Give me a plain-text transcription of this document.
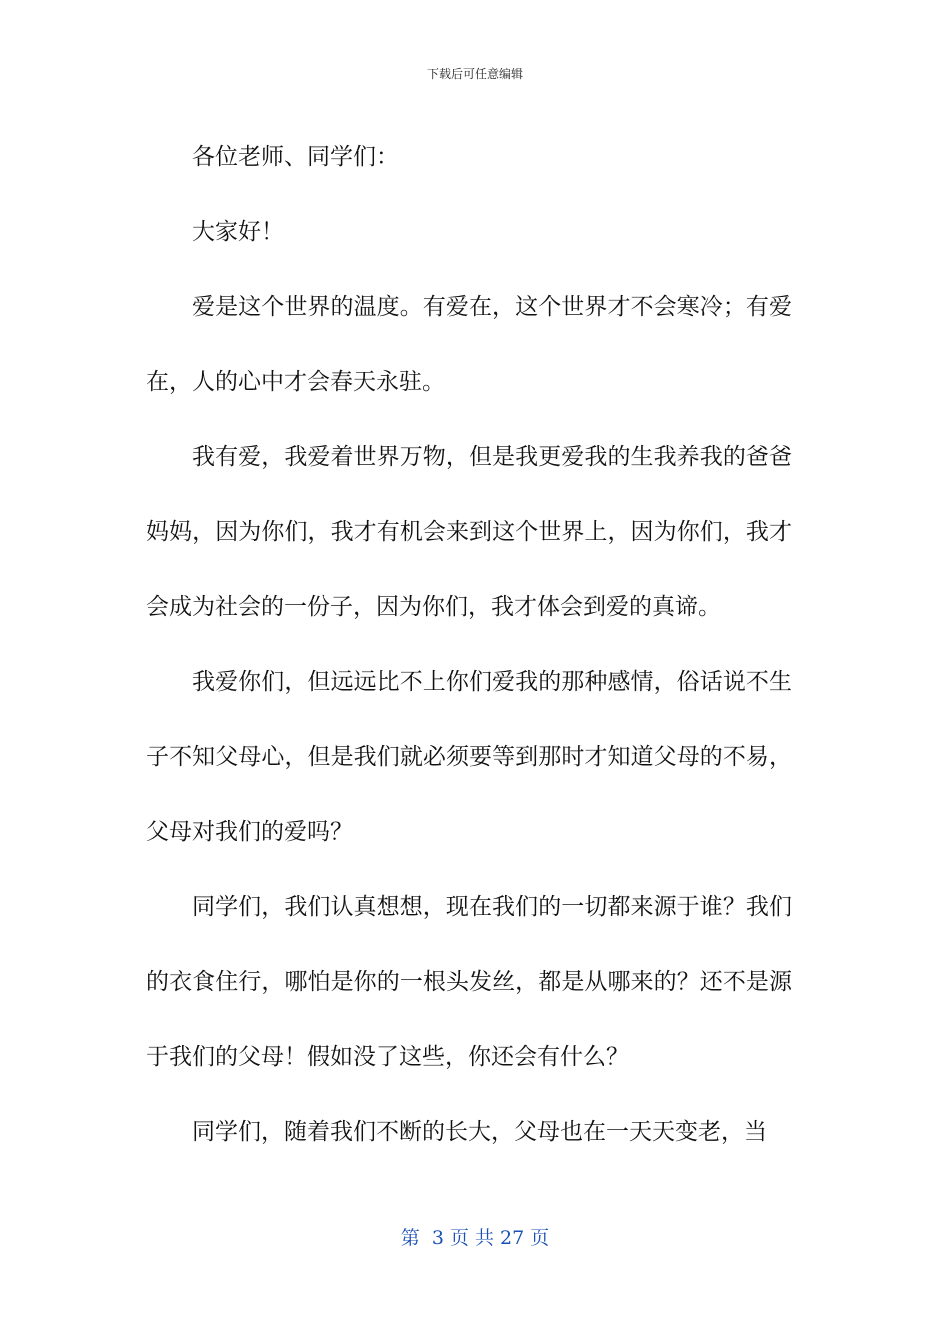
下载后可任意编辑

各位老师、同学们：

大家好！

爱是这个世界的温度。有爱在，这个世界才不会寒冷；有爱在，人的心中才会春天永驻。

我有爱，我爱着世界万物，但是我更爱我的生我养我的爸爸妈妈，因为你们，我才有机会来到这个世界上，因为你们，我才会成为社会的一份子，因为你们，我才体会到爱的真谛。

我爱你们，但远远比不上你们爱我的那种感情，俗话说不生子不知父母心，但是我们就必须要等到那时才知道父母的不易，父母对我们的爱吗？

同学们，我们认真想想，现在我们的一切都来源于谁？我们的衣食住行，哪怕是你的一根头发丝，都是从哪来的？还不是源于我们的父母！假如没了这些，你还会有什么？

同学们，随着我们不断的长大，父母也在一天天变老，当

第  3 页 共 27 页
